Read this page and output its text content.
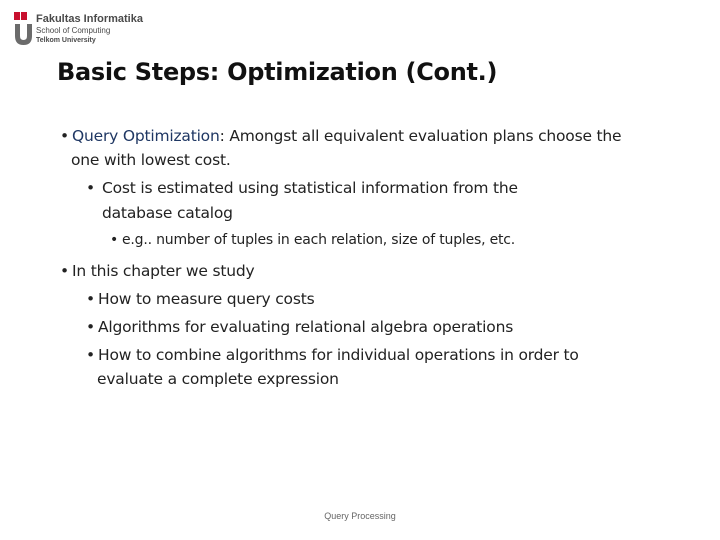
Fakultas Informatika
School of Computing
Telkom University
Basic Steps: Optimization (Cont.)
• Query Optimization: Amongst all equivalent evaluation plans choose the
one with lowest cost.
• Cost is estimated using statistical information from the
database catalog
• e.g.. number of tuples in each relation, size of tuples, etc.
• In this chapter we study
• How to measure query costs
• Algorithms for evaluating relational algebra operations
• How to combine algorithms for individual operations in order to
evaluate a complete expression
Query Processing
